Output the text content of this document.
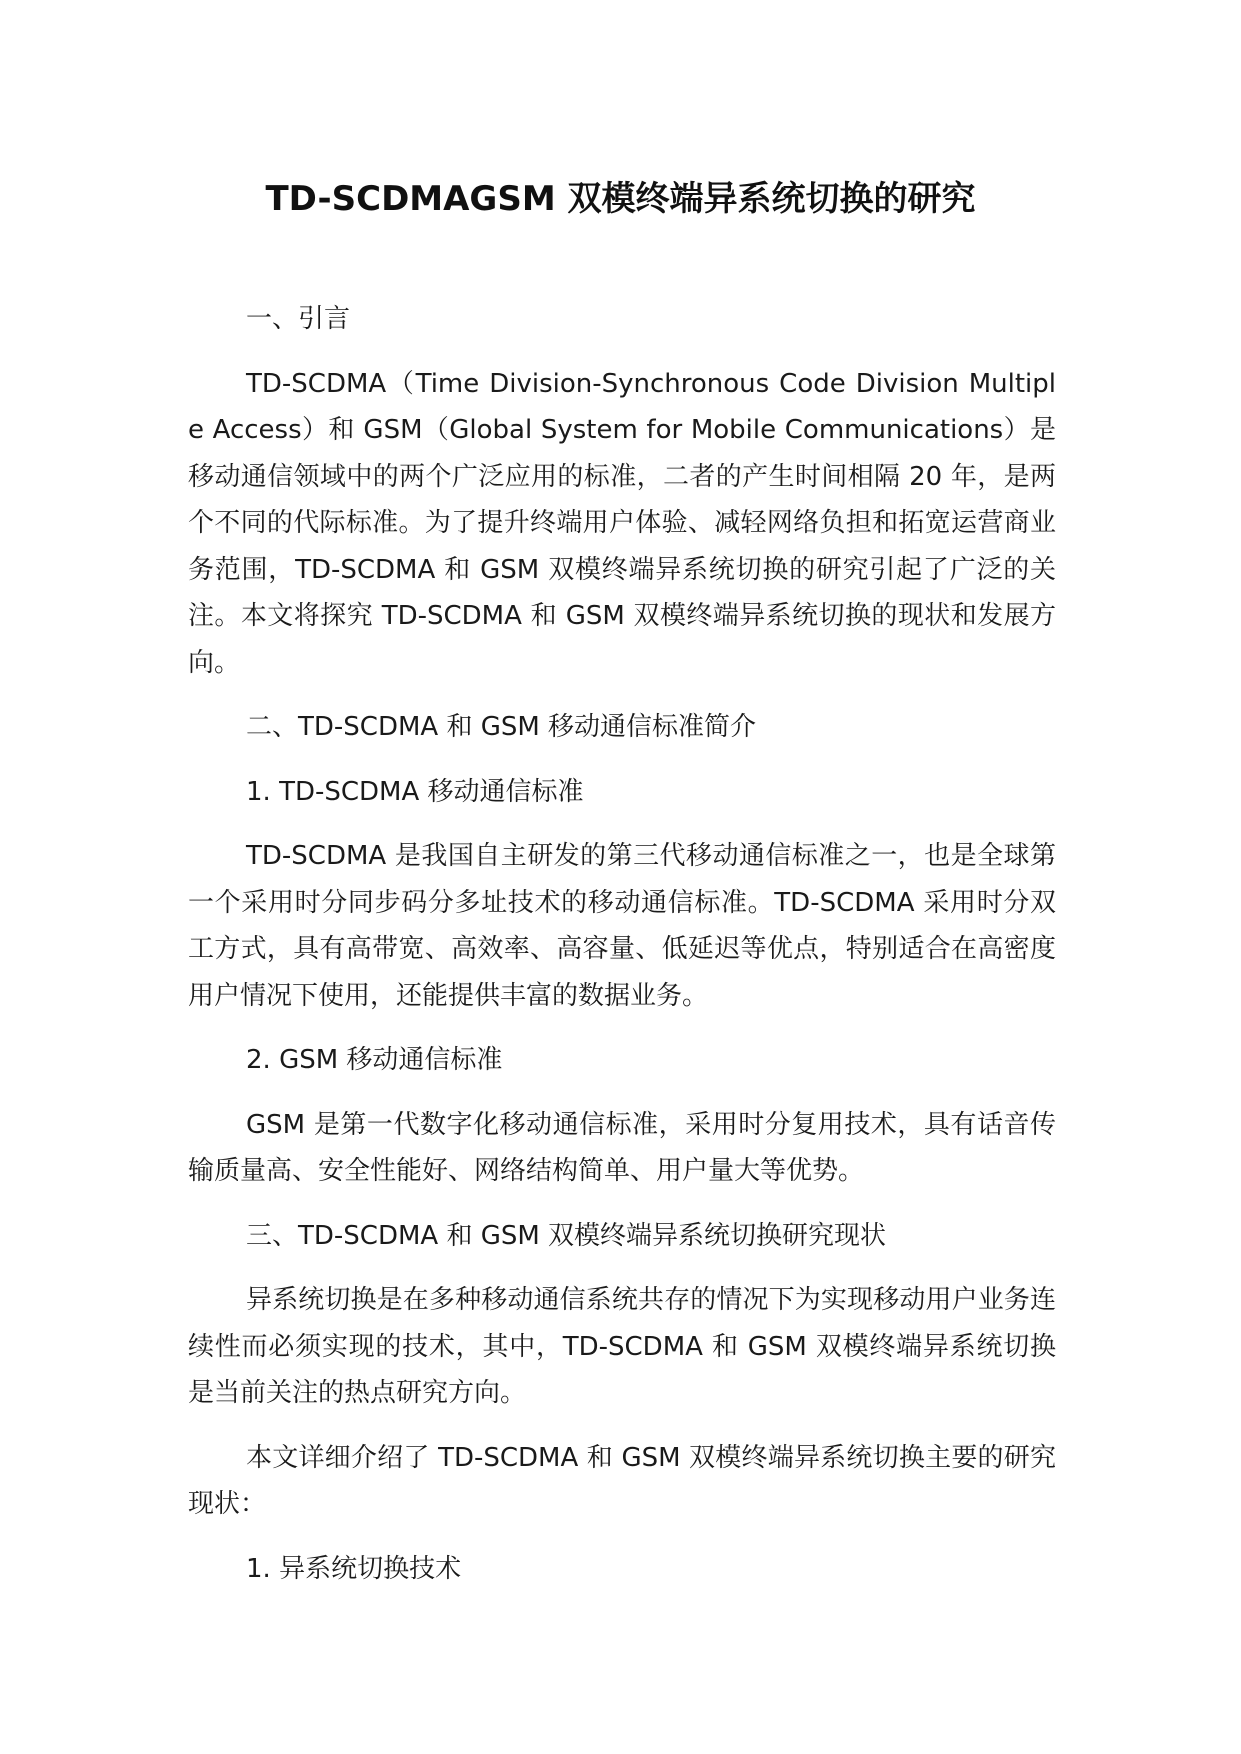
TD-SCDMAGSM 双模终端异系统切换的研究

一、引言

TD-SCDMA（Time Division-Synchronous Code Division Multiple Access）和 GSM（Global System for Mobile Communications）是移动通信领域中的两个广泛应用的标准，二者的产生时间相隔 20 年，是两个不同的代际标准。为了提升终端用户体验、减轻网络负担和拓宽运营商业务范围，TD-SCDMA 和 GSM 双模终端异系统切换的研究引起了广泛的关注。本文将探究 TD-SCDMA 和 GSM 双模终端异系统切换的现状和发展方向。

二、TD-SCDMA 和 GSM 移动通信标准简介

1. TD-SCDMA 移动通信标准

TD-SCDMA 是我国自主研发的第三代移动通信标准之一，也是全球第一个采用时分同步码分多址技术的移动通信标准。TD-SCDMA 采用时分双工方式，具有高带宽、高效率、高容量、低延迟等优点，特别适合在高密度用户情况下使用，还能提供丰富的数据业务。

2. GSM 移动通信标准

GSM 是第一代数字化移动通信标准，采用时分复用技术，具有话音传输质量高、安全性能好、网络结构简单、用户量大等优势。

三、TD-SCDMA 和 GSM 双模终端异系统切换研究现状

异系统切换是在多种移动通信系统共存的情况下为实现移动用户业务连续性而必须实现的技术，其中，TD-SCDMA 和 GSM 双模终端异系统切换是当前关注的热点研究方向。

本文详细介绍了 TD-SCDMA 和 GSM 双模终端异系统切换主要的研究现状：

1. 异系统切换技术
